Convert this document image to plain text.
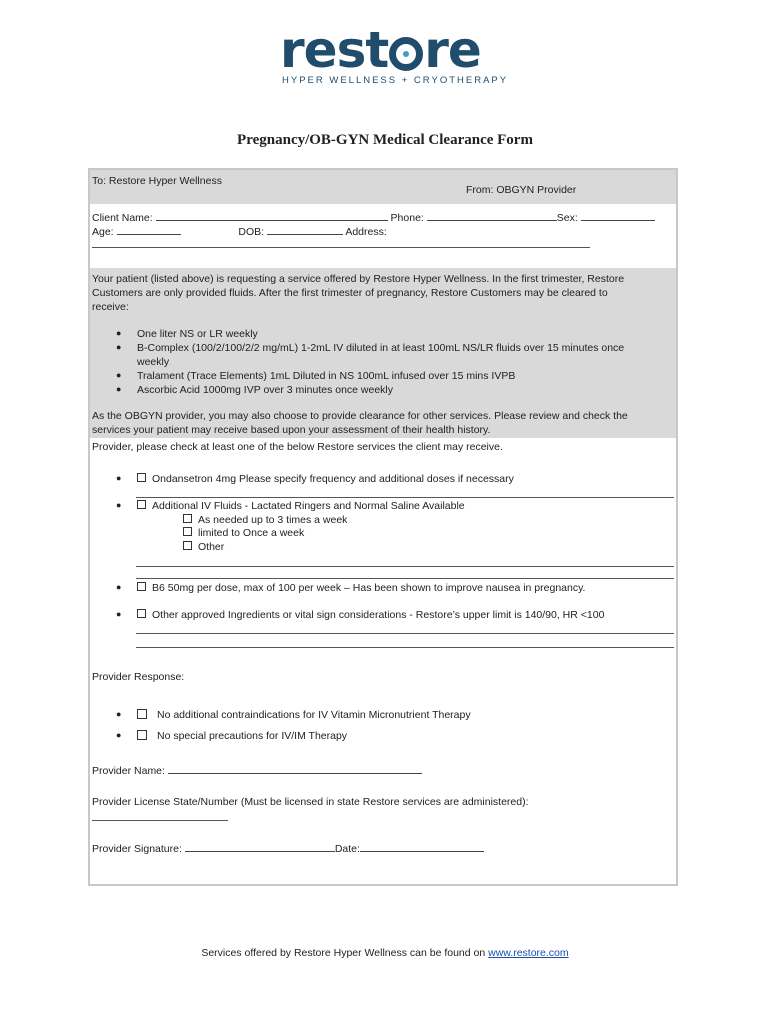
rest re
HYPER WELLNESS + CRYOTHERAPY
Pregnancy/OB-GYN Medical Clearance Form
To: Restore Hyper Wellness
From: OBGYN Provider
Client Name:	Phone:	Sex:
Age:	DOB:	Address:
Your patient (listed above) is requesting a service offered by Restore Hyper Wellness. In the first trimester, Restore
Customers are only provided fluids. After the first trimester of pregnancy, Restore Customers may be cleared to
receive:
● One liter NS or LR weekly
● B-Complex (100/2/100/2/2 mg/mL) 1-2mL IV diluted in at least 100mL NS/LR fluids over 15 minutes once
weekly
● Tralament (Trace Elements) 1mL Diluted in NS 100mL infused over 15 mins IVPB
● Ascorbic Acid 1000mg IVP over 3 minutes once weekly
As the OBGYN provider, you may also choose to provide clearance for other services. Please review and check the
services your patient may receive based upon your assessment of their health history.
Provider, please check at least one of the below Restore services the client may receive.
●	Ondansetron 4mg Please specify frequency and additional doses if necessary
●	Additional IV Fluids - Lactated Ringers and Normal Saline Available
As needed up to 3 times a week
limited to Once a week
Other
●	B6 50mg per dose, max of 100 per week – Has been shown to improve nausea in pregnancy.
●	Other approved Ingredients or vital sign considerations - Restore’s upper limit is 140/90, HR <100
Provider Response:
●	No additional contraindications for IV Vitamin Micronutrient Therapy
●	No special precautions for IV/IM Therapy
Provider Name:
Provider License State/Number (Must be licensed in state Restore services are administered):
Provider Signature:	Date:
Services offered by Restore Hyper Wellness can be found on www.restore.com
